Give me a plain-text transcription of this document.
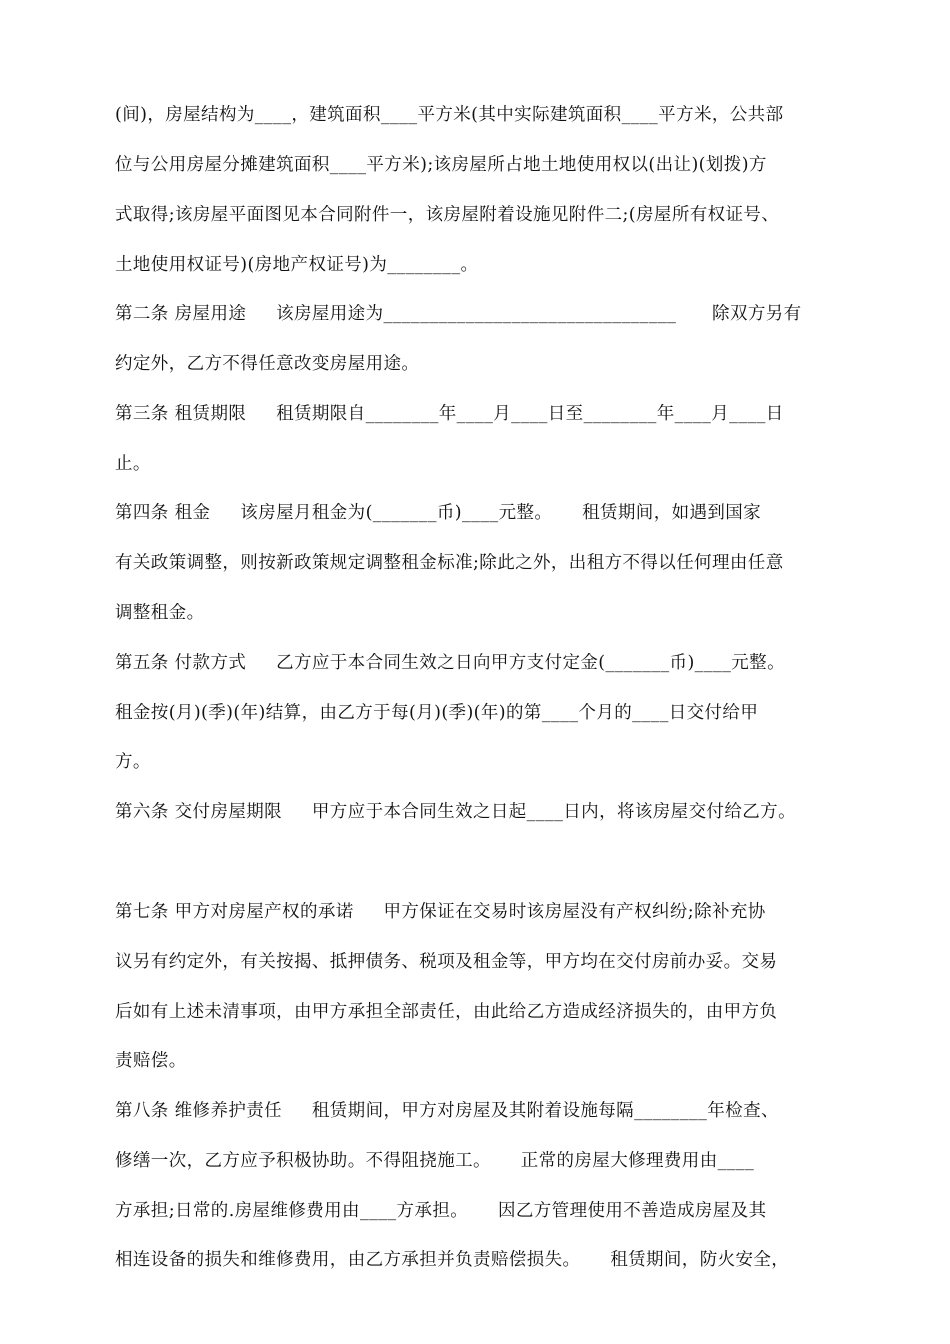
(间)，房屋结构为____，建筑面积____平方米(其中实际建筑面积____平方米，公共部
位与公用房屋分摊建筑面积____平方米);该房屋所占地土地使用权以(出让)(划拨)方
式取得;该房屋平面图见本合同附件一，该房屋附着设施见附件二;(房屋所有权证号、
土地使用权证号)(房地产权证号)为________。
第二条 房屋用途     该房屋用途为________________________________      除双方另有
约定外，乙方不得任意改变房屋用途。
第三条 租赁期限     租赁期限自________年____月____日至________年____月____日
止。
第四条 租金     该房屋月租金为(_______币)____元整。     租赁期间，如遇到国家
有关政策调整，则按新政策规定调整租金标准;除此之外，出租方不得以任何理由任意
调整租金。
第五条 付款方式     乙方应于本合同生效之日向甲方支付定金(_______币)____元整。
租金按(月)(季)(年)结算，由乙方于每(月)(季)(年)的第____个月的____日交付给甲
方。
第六条 交付房屋期限     甲方应于本合同生效之日起____日内，将该房屋交付给乙方。
第七条 甲方对房屋产权的承诺     甲方保证在交易时该房屋没有产权纠纷;除补充协
议另有约定外，有关按揭、抵押债务、税项及租金等，甲方均在交付房前办妥。交易
后如有上述未清事项，由甲方承担全部责任，由此给乙方造成经济损失的，由甲方负
责赔偿。
第八条 维修养护责任     租赁期间，甲方对房屋及其附着设施每隔________年检查、
修缮一次，乙方应予积极协助。不得阻挠施工。     正常的房屋大修理费用由____
方承担;日常的.房屋维修费用由____方承担。     因乙方管理使用不善造成房屋及其
相连设备的损失和维修费用，由乙方承担并负责赔偿损失。     租赁期间，防火安全，
